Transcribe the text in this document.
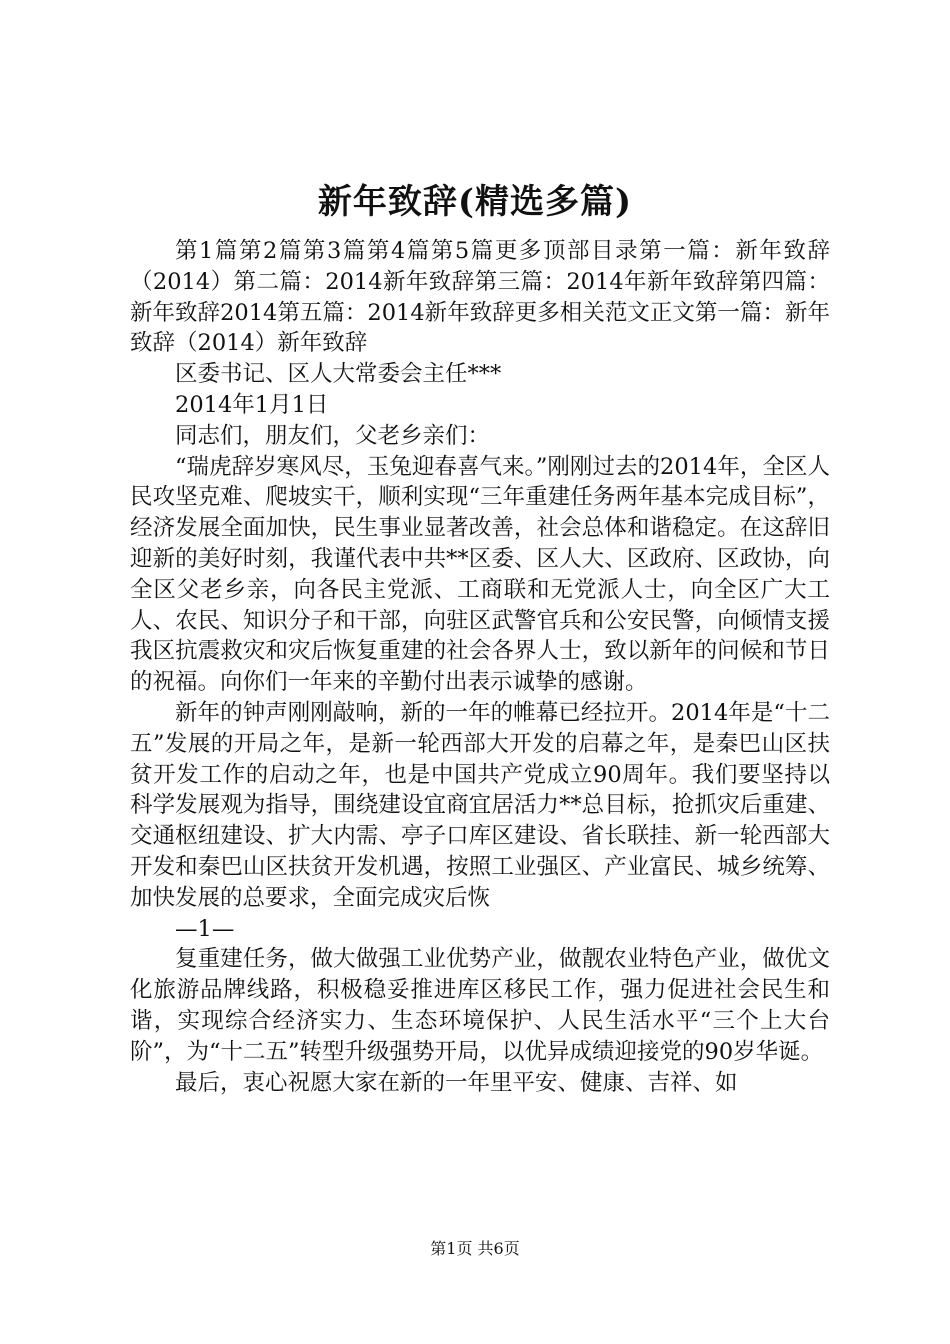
新年致辞(精选多篇)

第1篇第2篇第3篇第4篇第5篇更多顶部目录第一篇：新年致辞（2014）第二篇：2014新年致辞第三篇：2014年新年致辞第四篇：新年致辞2014第五篇：2014新年致辞更多相关范文正文第一篇：新年致辞（2014）新年致辞

区委书记、区人大常委会主任***

2014年1月1日

同志们，朋友们，父老乡亲们：

“瑞虎辞岁寒风尽，玉兔迎春喜气来。”刚刚过去的2014年，全区人民攻坚克难、爬坡实干，顺利实现“三年重建任务两年基本完成目标”，经济发展全面加快，民生事业显著改善，社会总体和谐稳定。在这辞旧迎新的美好时刻，我谨代表中共**区委、区人大、区政府、区政协，向全区父老乡亲，向各民主党派、工商联和无党派人士，向全区广大工人、农民、知识分子和干部，向驻区武警官兵和公安民警，向倾情支援我区抗震救灾和灾后恢复重建的社会各界人士，致以新年的问候和节日的祝福。向你们一年来的辛勤付出表示诚挚的感谢。

新年的钟声刚刚敲响，新的一年的帷幕已经拉开。2014年是“十二五”发展的开局之年，是新一轮西部大开发的启幕之年，是秦巴山区扶贫开发工作的启动之年，也是中国共产党成立90周年。我们要坚持以科学发展观为指导，围绕建设宜商宜居活力**总目标，抢抓灾后重建、交通枢纽建设、扩大内需、亭子口库区建设、省长联挂、新一轮西部大开发和秦巴山区扶贫开发机遇，按照工业强区、产业富民、城乡统筹、加快发展的总要求，全面完成灾后恢

—1—

复重建任务，做大做强工业优势产业，做靓农业特色产业，做优文化旅游品牌线路，积极稳妥推进库区移民工作，强力促进社会民生和谐，实现综合经济实力、生态环境保护、人民生活水平“三个上大台阶”，为“十二五”转型升级强势开局，以优异成绩迎接党的90岁华诞。

最后，衷心祝愿大家在新的一年里平安、健康、吉祥、如

第1页 共6页
